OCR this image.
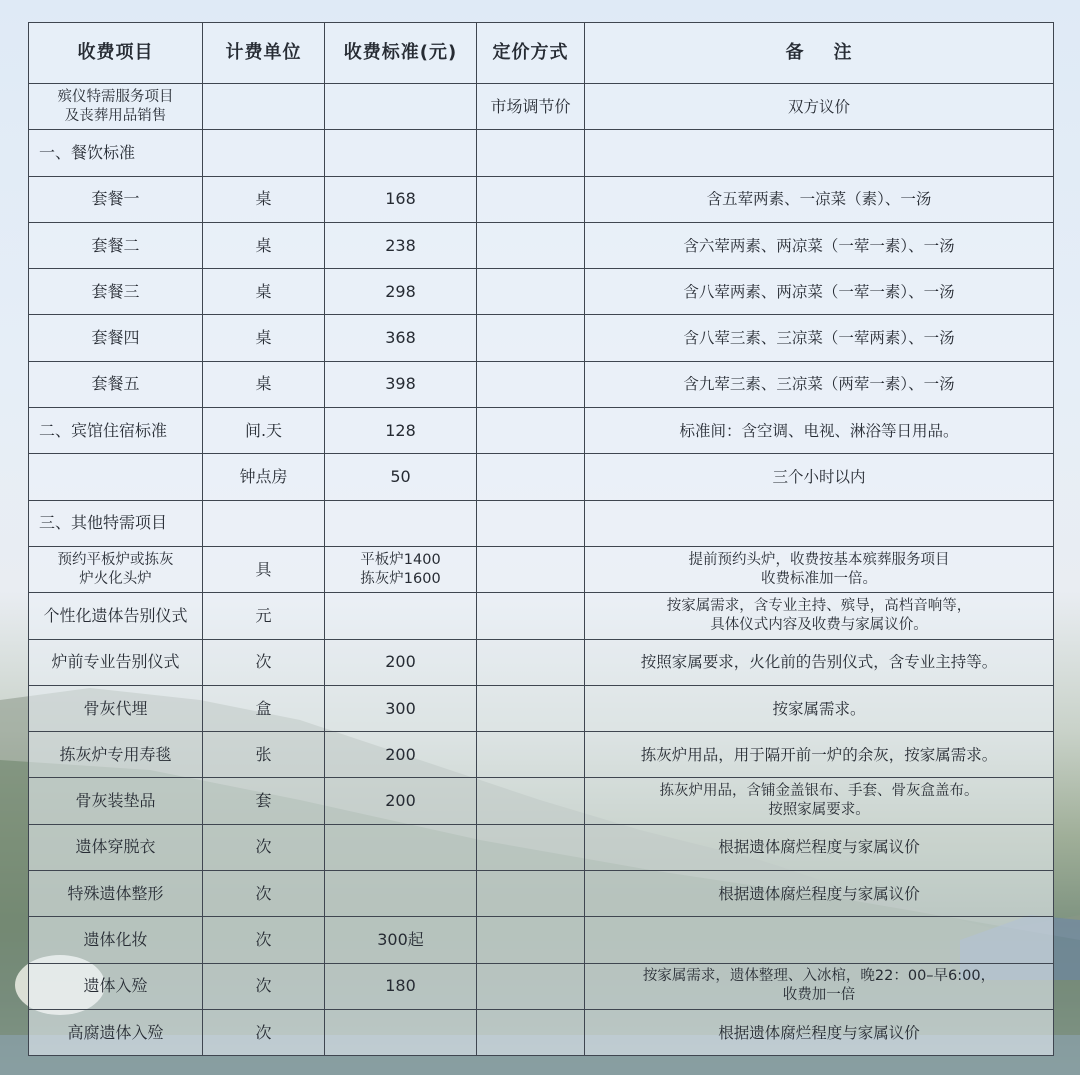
收费项目	计费单位	收费标准(元)	定价方式	备    注
殡仪特需服务项目
及丧葬用品销售			市场调节价	双方议价
一、餐饮标准				
套餐一	桌	168		含五荤两素、一凉菜（素）、一汤
套餐二	桌	238		含六荤两素、两凉菜（一荤一素）、一汤
套餐三	桌	298		含八荤两素、两凉菜（一荤一素）、一汤
套餐四	桌	368		含八荤三素、三凉菜（一荤两素）、一汤
套餐五	桌	398		含九荤三素、三凉菜（两荤一素）、一汤
二、宾馆住宿标准	间.天	128		标准间：含空调、电视、淋浴等日用品。
	钟点房	50		三个小时以内
三、其他特需项目				
预约平板炉或拣灰
炉火化头炉	具	平板炉1400
拣灰炉1600		提前预约头炉，收费按基本殡葬服务项目
收费标准加一倍。
个性化遗体告别仪式	元			按家属需求，含专业主持、殡导，高档音响等，
具体仪式内容及收费与家属议价。
炉前专业告别仪式	次	200		按照家属要求，火化前的告别仪式，含专业主持等。
骨灰代埋	盒	300		按家属需求。
拣灰炉专用寿毯	张	200		拣灰炉用品，用于隔开前一炉的余灰，按家属需求。
骨灰装垫品	套	200		拣灰炉用品，含铺金盖银布、手套、骨灰盒盖布。
按照家属要求。
遗体穿脱衣	次			根据遗体腐烂程度与家属议价
特殊遗体整形	次			根据遗体腐烂程度与家属议价
遗体化妆	次	300起		
遗体入殓	次	180		按家属需求，遗体整理、入冰棺，晚22：00–早6:00，
收费加一倍
高腐遗体入殓	次			根据遗体腐烂程度与家属议价
